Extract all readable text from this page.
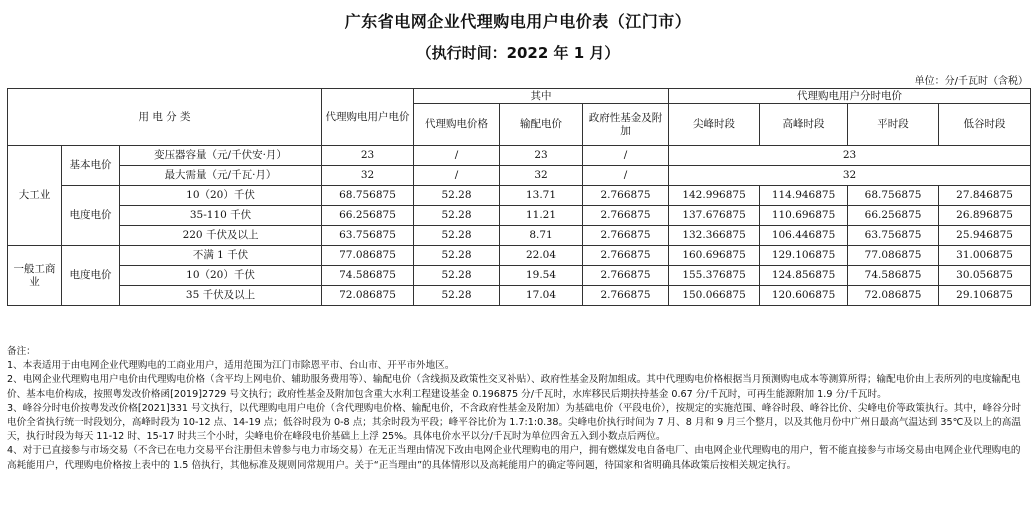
广东省电网企业代理购电用户电价表（江门市）
（执行时间：2022 年 1 月）
单位：分/千瓦时（含税）
用 电 分 类			代理购电用户电价	其中			代理购电用户分时电价			
				代理购电价格	输配电价	政府性基金及附加	尖峰时段	高峰时段	平时段	低谷时段
大工业	基本电价	变压器容量（元/千伏安·月）	23	/	23	/	23			
		最大需量（元/千瓦·月）	32	/	32	/	32			
	电度电价	10（20）千伏	68.756875	52.28	13.71	2.766875	142.996875	114.946875	68.756875	27.846875
		35-110 千伏	66.256875	52.28	11.21	2.766875	137.676875	110.696875	66.256875	26.896875
		220 千伏及以上	63.756875	52.28	8.71	2.766875	132.366875	106.446875	63.756875	25.946875
一般工商业	电度电价	不满 1 千伏	77.086875	52.28	22.04	2.766875	160.696875	129.106875	77.086875	31.006875
		10（20）千伏	74.586875	52.28	19.54	2.766875	155.376875	124.856875	74.586875	30.056875
		35 千伏及以上	72.086875	52.28	17.04	2.766875	150.066875	120.606875	72.086875	29.106875

备注：

1、本表适用于由电网企业代理购电的工商业用户，适用范围为江门市除恩平市、台山市、开平市外地区。

2、电网企业代理购电用户电价由代理购电价格（含平均上网电价、辅助服务费用等）、输配电价（含线损及政策性交叉补贴）、政府性基金及附加组成。其中代理购电价格根据当月预测购电成本等测算所得；输配电价由上表所列的电度输配电价、基本电价构成，按照粤发改价格函[2019]2729 号文执行；政府性基金及附加包含重大水利工程建设基金 0.196875 分/千瓦时，水库移民后期扶持基金 0.67 分/千瓦时，可再生能源附加 1.9 分/千瓦时。

3、峰谷分时电价按粤发改价格[2021]331 号文执行，以代理购电用户电价（含代理购电价格、输配电价，不含政府性基金及附加）为基础电价（平段电价），按规定的实施范围、峰谷时段、峰谷比价、尖峰电价等政策执行。其中，峰谷分时电价全省执行统一时段划分，高峰时段为 10-12 点、14-19 点；低谷时段为 0-8 点；其余时段为平段；峰平谷比价为 1.7:1:0.38。尖峰电价执行时间为 7 月、8 月和 9 月三个整月，以及其他月份中广州日最高气温达到 35℃及以上的高温天，执行时段为每天 11-12 时、15-17 时共三个小时，尖峰电价在峰段电价基础上上浮 25%。具体电价水平以分/千瓦时为单位四舍五入到小数点后两位。

4、对于已直接参与市场交易（不含已在电力交易平台注册但未曾参与电力市场交易）在无正当理由情况下改由电网企业代理购电的用户，拥有燃煤发电自备电厂、由电网企业代理购电的用户，暂不能直接参与市场交易由电网企业代理购电的高耗能用户，代理购电价格按上表中的 1.5 倍执行，其他标准及规则同常规用户。关于“正当理由”的具体情形以及高耗能用户的确定等问题，待国家和省明确具体政策后按相关规定执行。
